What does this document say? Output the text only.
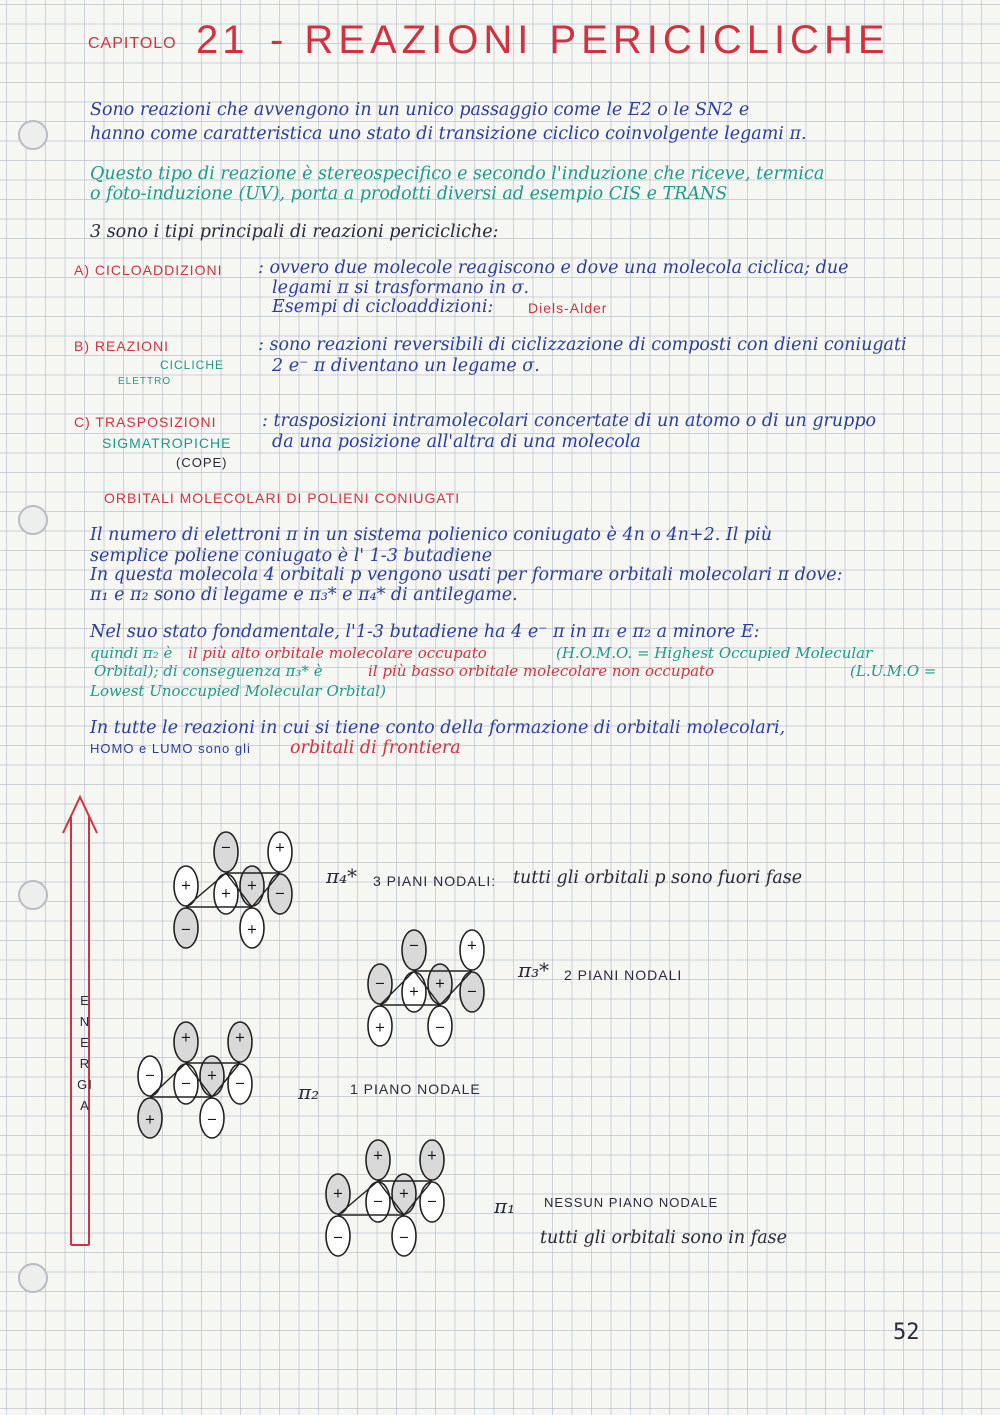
CAPITOLO 21 - REAZIONI PERICICLICHE
Sono reazioni che avvengono in un unico passaggio come le E2 o le SN2 e
hanno come caratteristica uno stato di transizione ciclico coinvolgente legami π.
Questo tipo di reazione è stereospecifico e secondo l'induzione che riceve, termica
o foto-induzione (UV), porta a prodotti diversi ad esempio CIS e TRANS
3 sono i tipi principali di reazioni pericicliche:
A) CICLOADDIZIONI : ovvero due molecole reagiscono e dove una molecola ciclica; due
legami π si trasformano in σ.
Esempi di cicloaddizioni: Diels-Alder
B) REAZIONI
CICLICHE
ELETTRO
: sono reazioni reversibili di ciclizzazione di composti con dieni coniugati
2 e⁻ π diventano un legame σ.
C) TRASPOSIZIONI
SIGMATROPICHE
(COPE)
: trasposizioni intramolecolari concertate di un atomo o di un gruppo
da una posizione all'altra di una molecola
ORBITALI MOLECOLARI DI POLIENI CONIUGATI
Il numero di elettroni π in un sistema polienico coniugato è 4n o 4n+2. Il più
semplice poliene coniugato è l' 1-3 butadiene
In questa molecola 4 orbitali p vengono usati per formare orbitali molecolari π dove:
π₁ e π₂ sono di legame e π₃* e π₄* di antilegame.
Nel suo stato fondamentale, l'1-3 butadiene ha 4 e⁻ π in π₁ e π₂ a minore E:
quindi π₂ è il più alto orbitale molecolare occupato	(H.O.M.O. = Highest Occupied Molecular
Orbital); di conseguenza π₃* è	il più basso orbitale molecolare non occupato	(L.U.M.O =
Lowest Unoccupied Molecular Orbital)
In tutte le reazioni in cui si tiene conto della formazione di orbitali molecolari,
HOMO e LUMO sono gli orbitali di frontiera
ENERGIA
−	+
+	+
+	−
−	+
π₄* 3 PIANI NODALI: tutti gli orbitali p sono fuori fase
−	+
−	+
+	−
+	−
π₃* 2 PIANI NODALI
+	+
−	+
−	−
+	−
π₂ 1 PIANO NODALE
+	+
+	+
−	−
−	−
π₁ NESSUN PIANO NODALE
tutti gli orbitali sono in fase
52
